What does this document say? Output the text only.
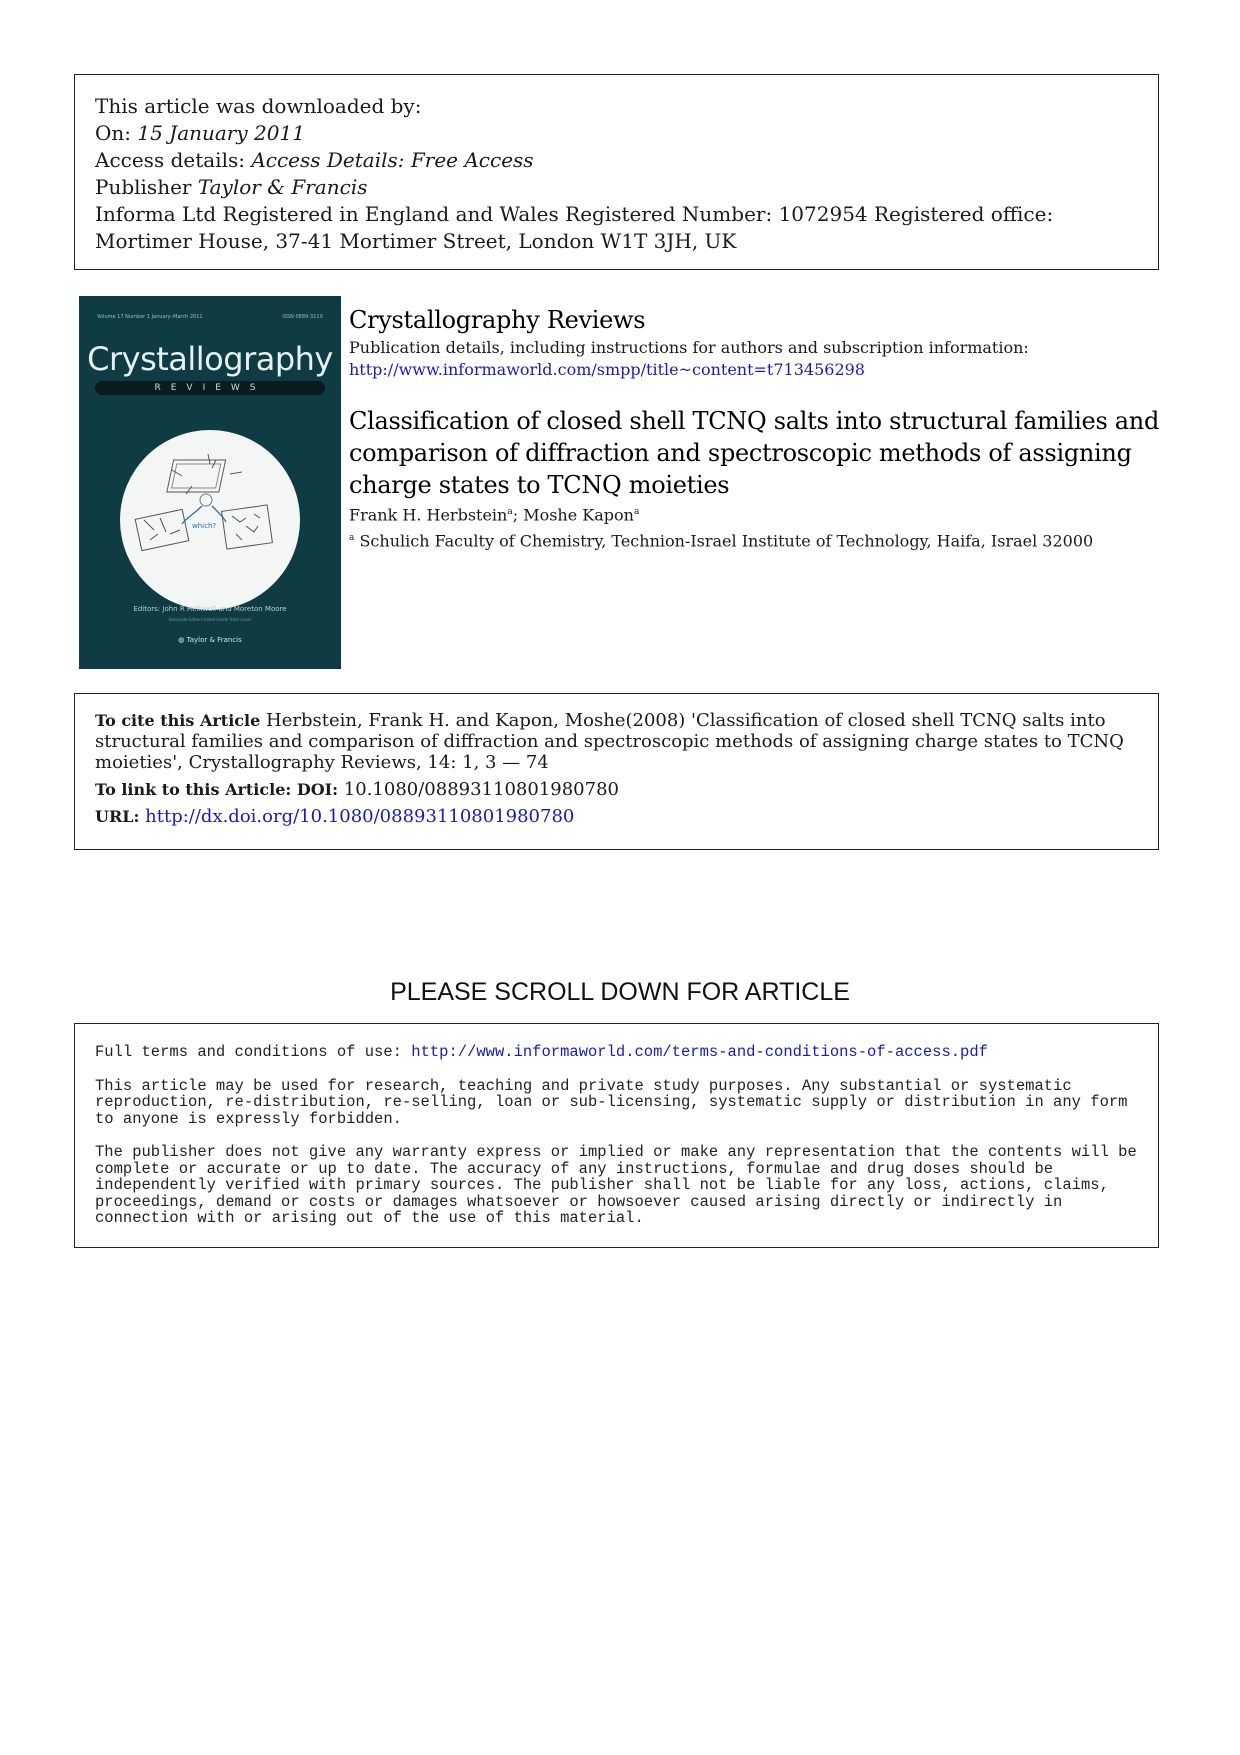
This article was downloaded by:
On: 15 January 2011
Access details: Access Details: Free Access
Publisher Taylor & Francis
Informa Ltd Registered in England and Wales Registered Number: 1072954 Registered office: Mortimer House, 37-41 Mortimer Street, London W1T 3JH, UK
Volume 17 Number 1 January–March 2011	ISSN 0889-311X
Crystallography
REVIEWS
which?
Editors: John R Helliwell and Moreton Moore
Associate Editors listed inside front cover
◍ Taylor & Francis
Crystallography Reviews
Publication details, including instructions for authors and subscription information:
http://www.informaworld.com/smpp/title~content=t713456298
Classification of closed shell TCNQ salts into structural families and comparison of diffraction and spectroscopic methods of assigning charge states to TCNQ moieties
Frank H. Herbstein$^a$; Moshe Kapon$^a$
$^a$ Schulich Faculty of Chemistry, Technion-Israel Institute of Technology, Haifa, Israel 32000

To cite this Article Herbstein, Frank H. and Kapon, Moshe(2008) 'Classification of closed shell TCNQ salts into structural families and comparison of diffraction and spectroscopic methods of assigning charge states to TCNQ moieties', Crystallography Reviews, 14: 1, 3 — 74

To link to this Article: DOI: 10.1080/08893110801980780

URL: http://dx.doi.org/10.1080/08893110801980780

PLEASE SCROLL DOWN FOR ARTICLE

Full terms and conditions of use: http://www.informaworld.com/terms-and-conditions-of-access.pdf

This article may be used for research, teaching and private study purposes. Any substantial or systematic reproduction, re-distribution, re-selling, loan or sub-licensing, systematic supply or distribution in any form to anyone is expressly forbidden.

The publisher does not give any warranty express or implied or make any representation that the contents will be complete or accurate or up to date. The accuracy of any instructions, formulae and drug doses should be independently verified with primary sources. The publisher shall not be liable for any loss, actions, claims, proceedings, demand or costs or damages whatsoever or howsoever caused arising directly or indirectly in connection with or arising out of the use of this material.
